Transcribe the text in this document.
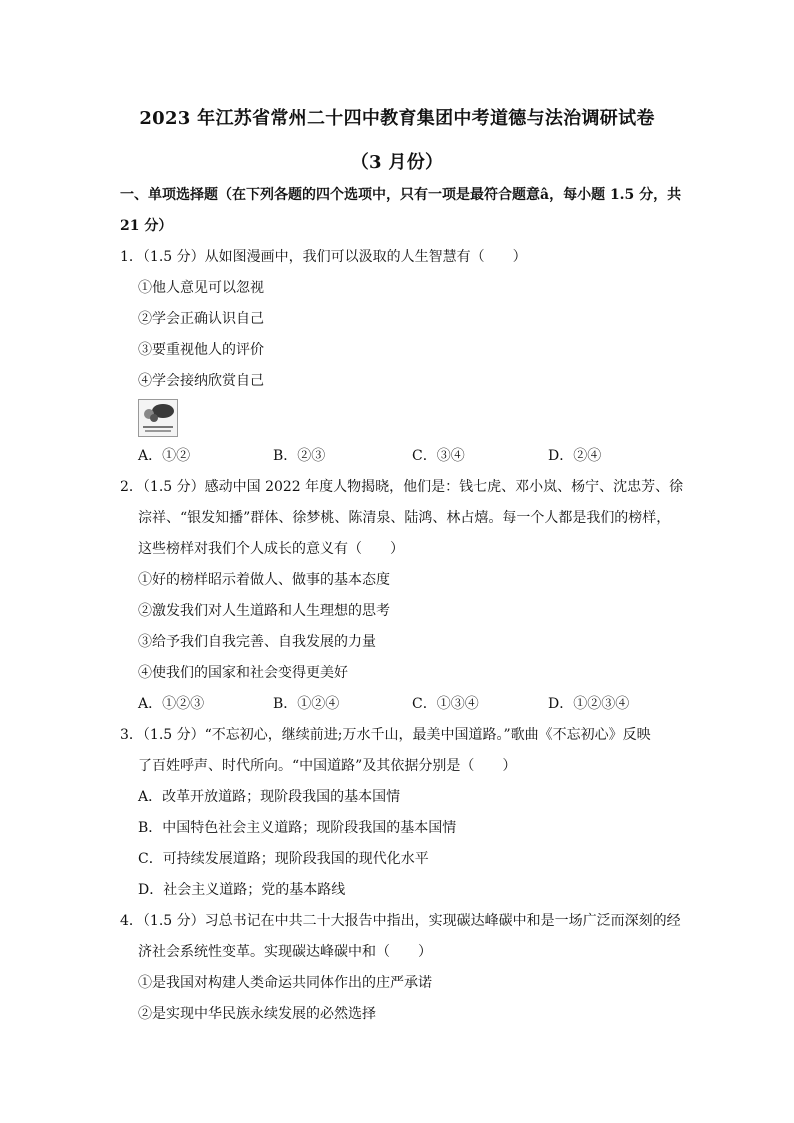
2023 年江苏省常州二十四中教育集团中考道德与法治调研试卷
（3 月份）
一、单项选择题（在下列各题的四个选项中，只有一项是最符合题意â，每小题 1.5 分，共
21 分）
1．（1.5 分）从如图漫画中，我们可以汲取的人生智慧有（　　）
①他人意见可以忽视
②学会正确认识自己
③要重视他人的评价
④学会接纳欣赏自己
A．①②	B．②③	C．③④	D．②④
2．（1.5 分）感动中国 2022 年度人物揭晓，他们是：钱七虎、邓小岚、杨宁、沈忠芳、徐
淙祥、“银发知播”群体、徐梦桃、陈清泉、陆鸿、林占熺。每一个人都是我们的榜样，
这些榜样对我们个人成长的意义有（　　）
①好的榜样昭示着做人、做事的基本态度
②激发我们对人生道路和人生理想的思考
③给予我们自我完善、自我发展的力量
④使我们的国家和社会变得更美好
A．①②③	B．①②④	C．①③④	D．①②③④
3．（1.5 分）“不忘初心，继续前进;万水千山，最美中国道路。”歌曲《不忘初心》反映
了百姓呼声、时代所向。“中国道路”及其依据分别是（　　）
A．改革开放道路；现阶段我国的基本国情
B．中国特色社会主义道路；现阶段我国的基本国情
C．可持续发展道路；现阶段我国的现代化水平
D．社会主义道路；党的基本路线
4．（1.5 分）习总书记在中共二十大报告中指出，实现碳达峰碳中和是一场广泛而深刻的经
济社会系统性变革。实现碳达峰碳中和（　　）
①是我国对构建人类命运共同体作出的庄严承诺
②是实现中华民族永续发展的必然选择
